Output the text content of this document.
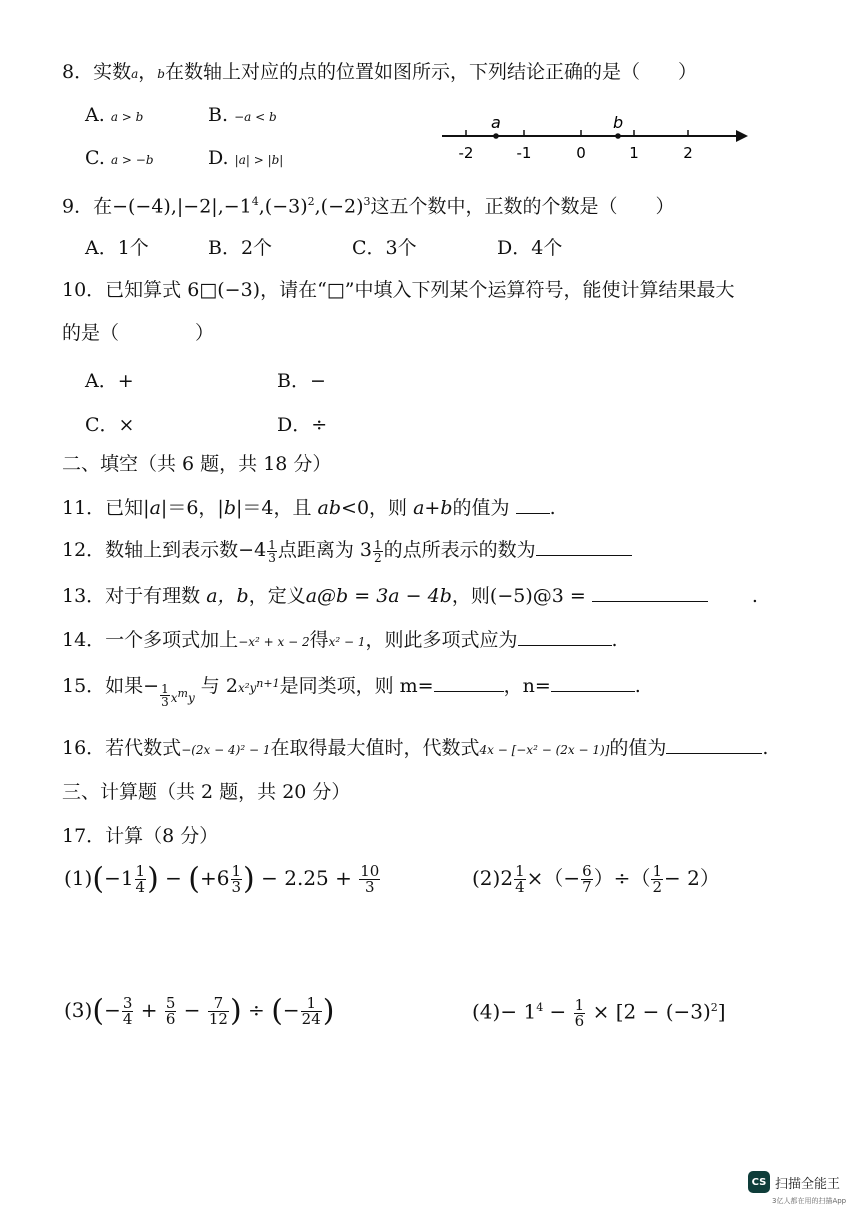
8．实数a，b在数轴上对应的点的位置如图所示，下列结论正确的是（　　）
A. a > b	B. −a < b
C. a > −b	D. |a| > |b|
a	b
-2	-1	0	1	2
9．在$-(-4),|-2|,-1^4,(-3)^2,(-2)^3$这五个数中，正数的个数是（　　）
A．1个	B．2个	C．3个	D．4个
10．已知算式 6□(−3)，请在“□”中填入下列某个运算符号，能使计算结果最大
的是（　　　　）
A．+	B．−
C．×	D．÷
二、填空（共 6 题，共 18 分）
11．已知|a|＝6，|b|＝4，且 ab<0，则 a+b的值为 .
12．数轴上到表示数$-4 \frac{1}{3}$ 点距离为 $3 \frac{1}{2}$ 的点所表示的数为
13．对于有理数 a，b，定义a@b = 3a − 4b，则(−5)@3 =	.
14．一个多项式加上−x² + x − 2得x² − 1，则此多项式应为	.
15．如果− $\frac{1}{3} _{x^my}$ 与 $2x^2y^{n+1}$是同类项，则 m=	，n=	.
16．若代数式−(2x − 4)² − 1在取得最大值时，代数式4x − [−x² − (2x − 1)]的值为	.
三、计算题（共 2 题，共 20 分）
17．计算（8 分）
$(1)(-1 \frac{1}{4}$ ) − ($+6 \frac{1}{3}$ ) − $2.25 + \frac{10}{3}$	$(2)2 \frac{1}{4}$ ×（− $\frac{6}{7}$ ）÷（ $\frac{1}{2} - 2$）
$(3)(- \frac{3}{4} + \frac{5}{6} - \frac{7}{12}$ ) ÷ (− $\frac{1}{24}$ )	$(4)- 1^4 - \frac{1}{6} \times [2 - (-3)^2]$
CS 扫描全能王
3亿人都在用的扫描App
